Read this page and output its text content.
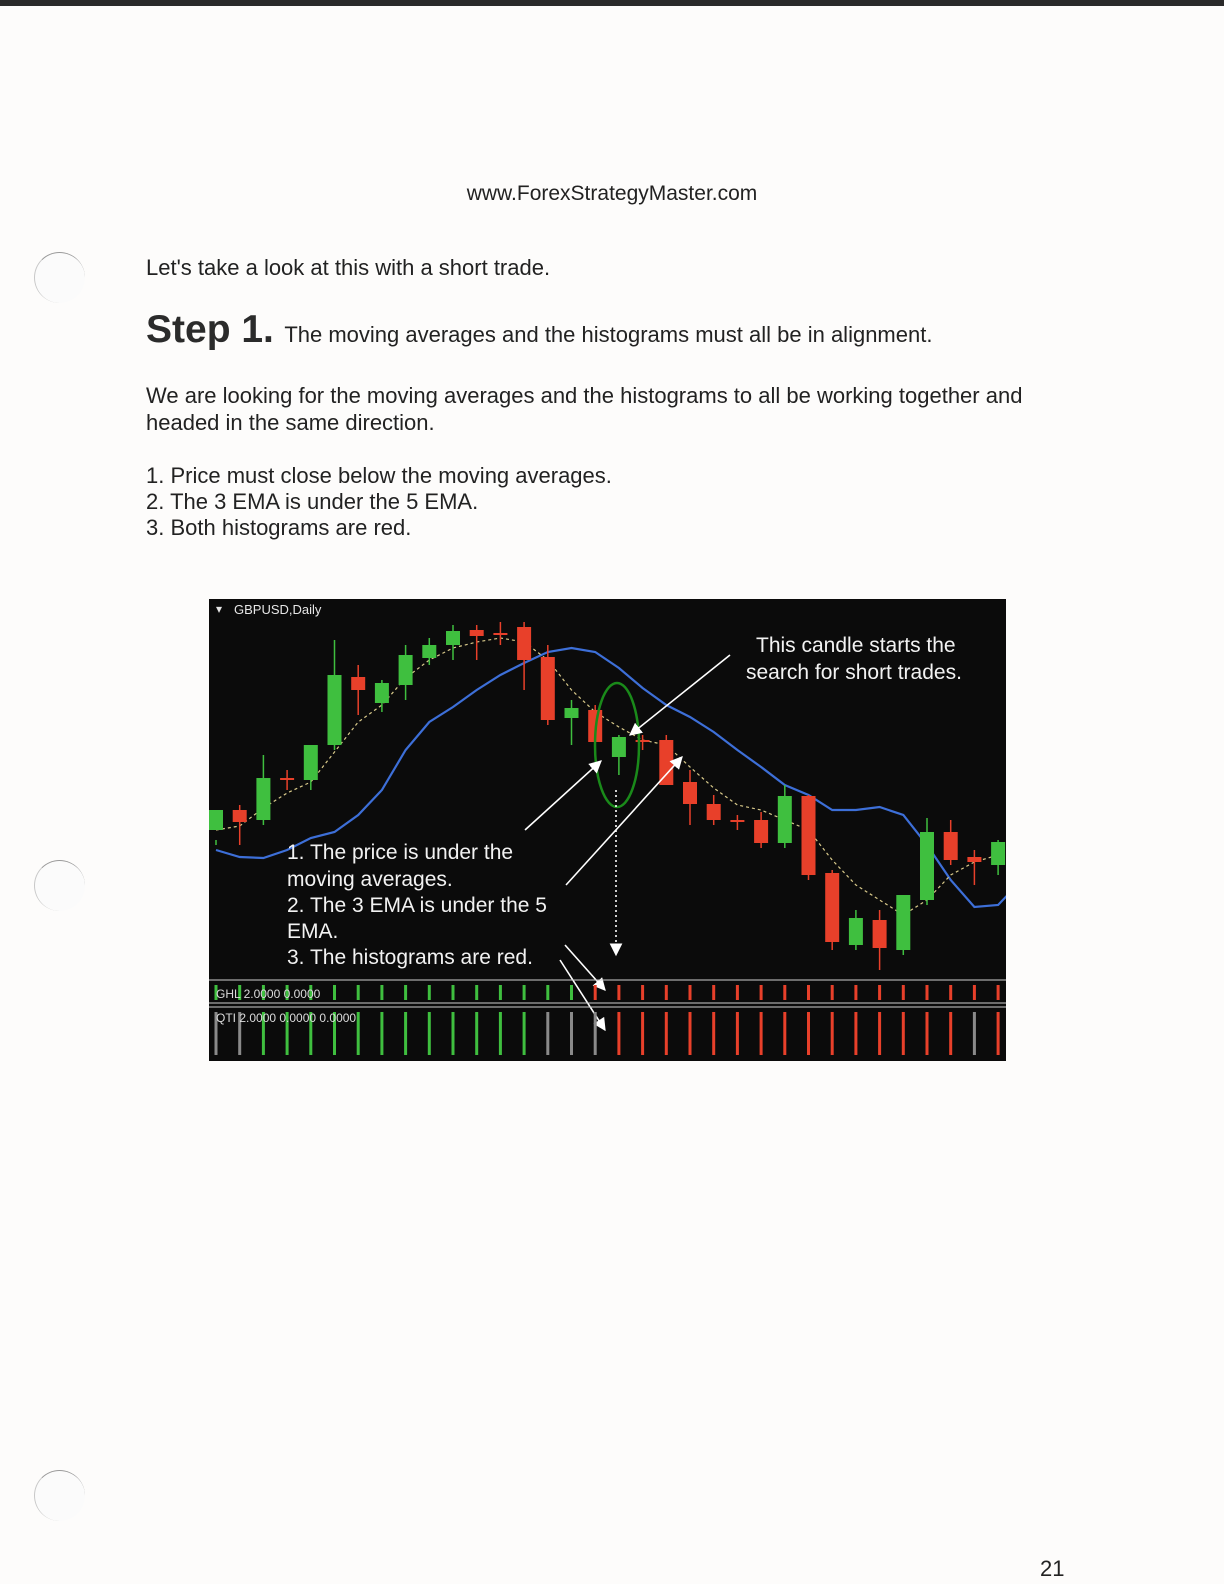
www.ForexStrategyMaster.com
Let's take a look at this with a short trade.
Step 1. The moving averages and the histograms must all be in alignment.
We are looking for the moving averages and the histograms to all be working together and headed in the same direction.
1. Price must close below the moving averages.
2. The 3 EMA is under the 5 EMA.
3. Both histograms are red.
▾ GBPUSD,Daily
This candle starts the search for short trades.
1. The price is under the moving averages. 2. The 3 EMA is under the 5 EMA. 3. The histograms are red.
GHL 2.0000 0.0000
QTI 2.0000 0.0000 0.0000
21
